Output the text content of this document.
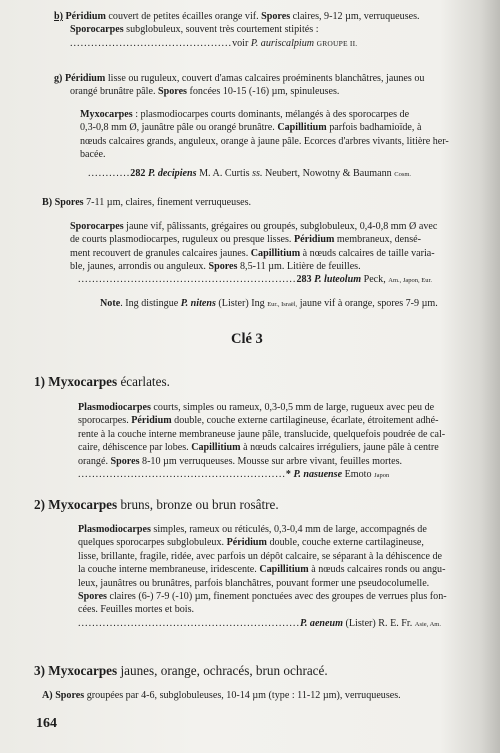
b) Péridium couvert de petites écailles orange vif. Spores claires, 9-12 µm, verruqueuses.
Sporocarpes subglobuleux, souvent très courtement stipités :
..............................................voir P. auriscalpium GROUPE II.
g) Péridium lisse ou ruguleux, couvert d'amas calcaires proéminents blanchâtres, jaunes ou
orangé brunâtre pâle. Spores foncées 10-15 (-16) µm, spinuleuses.
Myxocarpes : plasmodiocarpes courts dominants, mélangés à des sporocarpes de
0,3-0,8 mm Ø, jaunâtre pâle ou orangé brunâtre. Capillitium parfois badhamioïde, à
nœuds calcaires grands, anguleux, orange à jaune pâle. Ecorces d'arbres vivants, litière her-
bacée.
............282 P. decipiens M. A. Curtis ss. Neubert, Nowotny & Baumann Cosm.
B) Spores 7-11 µm, claires, finement verruqueuses.
Sporocarpes jaune vif, pâlissants, grégaires ou groupés, subglobuleux, 0,4-0,8 mm Ø avec
de courts plasmodiocarpes, ruguleux ou presque lisses. Péridium membraneux, densé-
ment recouvert de granules calcaires jaunes. Capillitium à nœuds calcaires de taille varia-
ble, jaunes, arrondis ou anguleux. Spores 8,5-11 µm. Litière de feuilles.
..............................................................283 P. luteolum Peck, Am., Japon, Eur.
Note. Ing distingue P. nitens (Lister) Ing Eur., Israël, jaune vif à orange, spores 7-9 µm.
Clé 3
1) Myxocarpes écarlates.
Plasmodiocarpes courts, simples ou rameux, 0,3-0,5 mm de large, rugueux avec peu de
sporocarpes. Péridium double, couche externe cartilagineuse, écarlate, étroitement adhé-
rente à la couche interne membraneuse jaune pâle, translucide, quelquefois poudrée de cal-
caire, déhiscence par lobes. Capillitium à nœuds calcaires irréguliers, jaune pâle à centre
orangé. Spores 8-10 µm verruqueuses. Mousse sur arbre vivant, feuilles mortes.
...........................................................* P. nasuense Emoto Japon
2) Myxocarpes bruns, bronze ou brun rosâtre.
Plasmodiocarpes simples, rameux ou réticulés, 0,3-0,4 mm de large, accompagnés de
quelques sporocarpes subglobuleux. Péridium double, couche externe cartilagineuse,
lisse, brillante, fragile, ridée, avec parfois un dépôt calcaire, se séparant à la déhiscence de
la couche interne membraneuse, iridescente. Capillitium à nœuds calcaires ronds ou angu-
leux, jaunâtres ou brunâtres, parfois blanchâtres, pouvant former une pseudocolumelle.
Spores claires (6-) 7-9 (-10) µm, finement ponctuées avec des groupes de verrues plus fon-
cées. Feuilles mortes et bois.
...............................................................P. aeneum (Lister) R. E. Fr. Asie, Am.
3) Myxocarpes jaunes, orange, ochracés, brun ochracé.
A) Spores groupées par 4-6, subglobuleuses, 10-14 µm (type : 11-12 µm), verruqueuses.
164
